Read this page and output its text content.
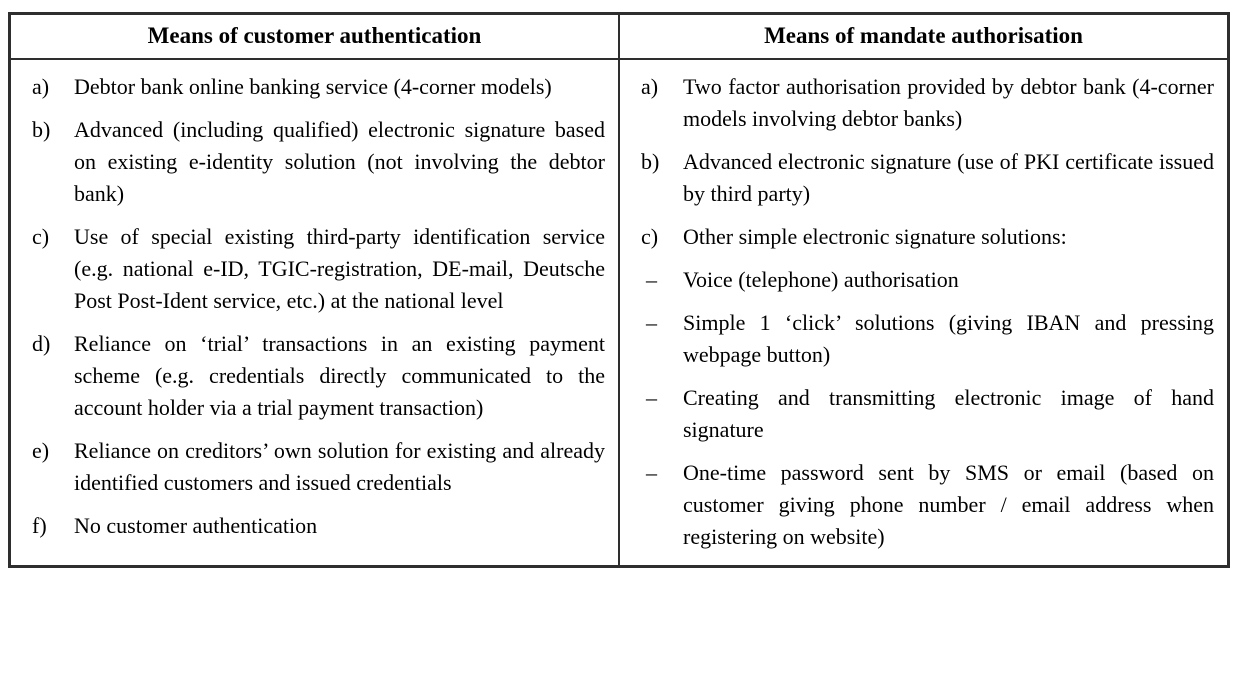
Means of customer authentication	Means of mandate authorisation

a) Debtor bank online banking service (4-corner models)
b) Advanced (including qualified) electronic signature based on existing e-identity solution (not involving the debtor bank)
c) Use of special existing third-party identification service (e.g. national e-ID, TGIC-registration, DE-mail, Deutsche Post Post-Ident service, etc.) at the national level
d) Reliance on ‘trial’ transactions in an existing payment scheme (e.g. credentials directly communicated to the account holder via a trial payment transaction)
e) Reliance on creditors’ own solution for existing and already identified customers and issued credentials
f) No customer authentication

a) Two factor authorisation provided by debtor bank (4-corner models involving debtor banks)
b) Advanced electronic signature (use of PKI certificate issued by third party)
c) Other simple electronic signature solutions:
– Voice (telephone) authorisation
– Simple 1 ‘click’ solutions (giving IBAN and pressing webpage button)
– Creating and transmitting electronic image of hand signature
– One-time password sent by SMS or email (based on customer giving phone number / email address when registering on website)
